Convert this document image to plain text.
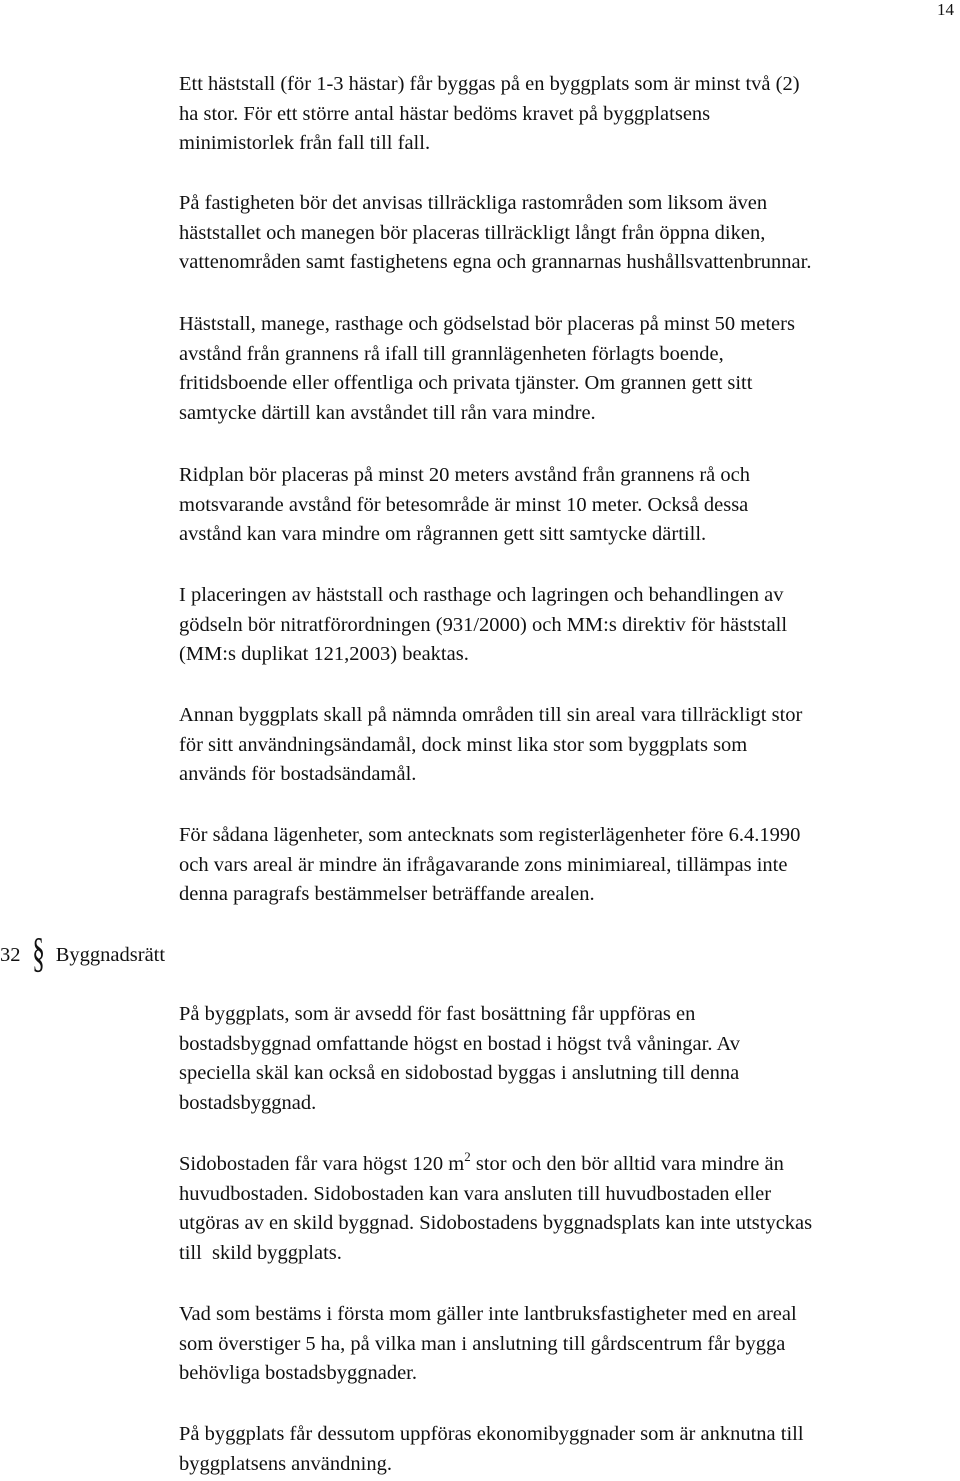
14

Ett häststall (för 1-3 hästar) får byggas på en byggplats som är minst två (2)
ha stor. För ett större antal hästar bedöms kravet på byggplatsens
minimistorlek från fall till fall.

På fastigheten bör det anvisas tillräckliga rastområden som liksom även
häststallet och manegen bör placeras tillräckligt långt från öppna diken,
vattenområden samt fastighetens egna och grannarnas hushållsvattenbrunnar.

Häststall, manege, rasthage och gödselstad bör placeras på minst 50 meters
avstånd från grannens rå ifall till grannlägenheten förlagts boende,
fritidsboende eller offentliga och privata tjänster. Om grannen gett sitt
samtycke därtill kan avståndet till rån vara mindre.

Ridplan bör placeras på minst 20 meters avstånd från grannens rå och
motsvarande avstånd för betesområde är minst 10 meter. Också dessa
avstånd kan vara mindre om rågrannen gett sitt samtycke därtill.

I placeringen av häststall och rasthage och lagringen och behandlingen av
gödseln bör nitratförordningen (931/2000) och MM:s direktiv för häststall
(MM:s duplikat 121,2003) beaktas.

Annan byggplats skall på nämnda områden till sin areal vara tillräckligt stor
för sitt användningsändamål, dock minst lika stor som byggplats som
används för bostadsändamål.

För sådana lägenheter, som antecknats som registerlägenheter före 6.4.1990
och vars areal är mindre än ifrågavarande zons minimiareal, tillämpas inte
denna paragrafs bestämmelser beträffande arealen.

32 § Byggnadsrätt

På byggplats, som är avsedd för fast bosättning får uppföras en
bostadsbyggnad omfattande högst en bostad i högst två våningar. Av
speciella skäl kan också en sidobostad byggas i anslutning till denna
bostadsbyggnad.

Sidobostaden får vara högst 120 $m^2$ stor och den bör alltid vara mindre än
huvudbostaden. Sidobostaden kan vara ansluten till huvudbostaden eller
utgöras av en skild byggnad. Sidobostadens byggnadsplats kan inte utstyckas
till  skild byggplats.

Vad som bestäms i första mom gäller inte lantbruksfastigheter med en areal
som överstiger 5 ha, på vilka man i anslutning till gårdscentrum får bygga
behövliga bostadsbyggnader.

På byggplats får dessutom uppföras ekonomibyggnader som är anknutna till
byggplatsens användning.
